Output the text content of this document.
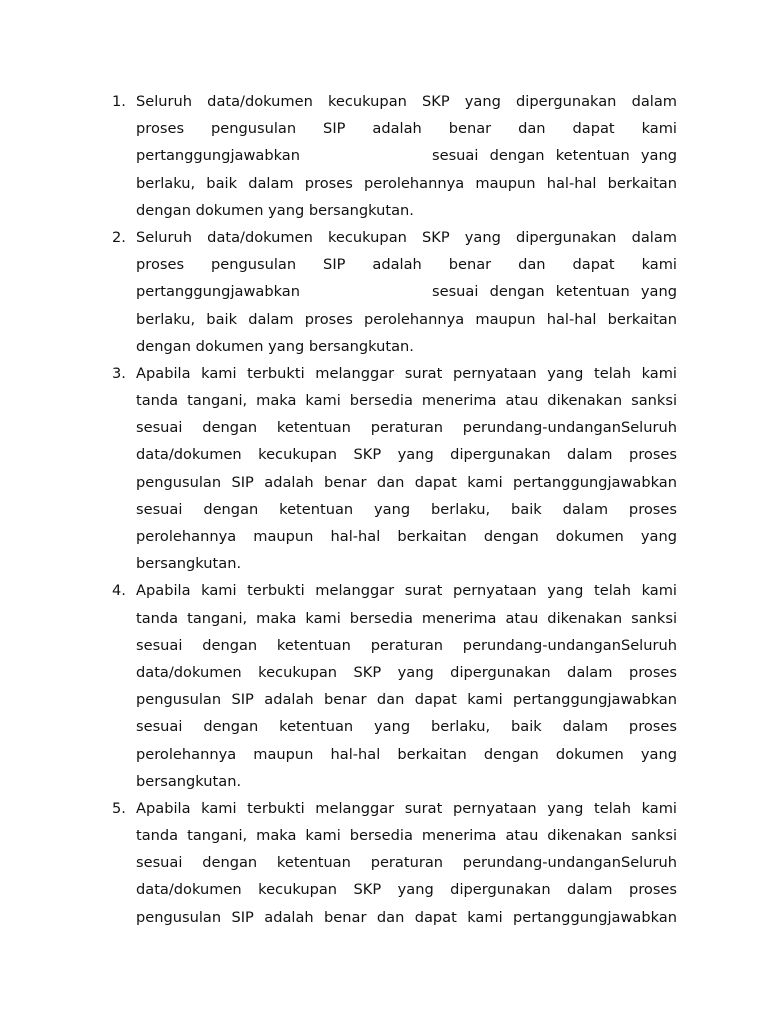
1. Seluruh data/dokumen kecukupan SKP yang dipergunakan dalam
proses pengusulan SIP adalah benar dan dapat kami
pertanggungjawabkan	sesuai dengan ketentuan yang
berlaku, baik dalam proses perolehannya maupun hal-hal berkaitan
dengan dokumen yang bersangkutan.
2. Seluruh data/dokumen kecukupan SKP yang dipergunakan dalam
proses pengusulan SIP adalah benar dan dapat kami
pertanggungjawabkan	sesuai dengan ketentuan yang
berlaku, baik dalam proses perolehannya maupun hal-hal berkaitan
dengan dokumen yang bersangkutan.
3. Apabila kami terbukti melanggar surat pernyataan yang telah kami
tanda tangani, maka kami bersedia menerima atau dikenakan sanksi
sesuai dengan ketentuan peraturan perundang-undanganSeluruh
data/dokumen kecukupan SKP yang dipergunakan dalam proses
pengusulan SIP adalah benar dan dapat kami pertanggungjawabkan
sesuai dengan ketentuan yang berlaku, baik dalam proses
perolehannya maupun hal-hal berkaitan dengan dokumen yang
bersangkutan.
4. Apabila kami terbukti melanggar surat pernyataan yang telah kami
tanda tangani, maka kami bersedia menerima atau dikenakan sanksi
sesuai dengan ketentuan peraturan perundang-undanganSeluruh
data/dokumen kecukupan SKP yang dipergunakan dalam proses
pengusulan SIP adalah benar dan dapat kami pertanggungjawabkan
sesuai dengan ketentuan yang berlaku, baik dalam proses
perolehannya maupun hal-hal berkaitan dengan dokumen yang
bersangkutan.
5. Apabila kami terbukti melanggar surat pernyataan yang telah kami
tanda tangani, maka kami bersedia menerima atau dikenakan sanksi
sesuai dengan ketentuan peraturan perundang-undanganSeluruh
data/dokumen kecukupan SKP yang dipergunakan dalam proses
pengusulan SIP adalah benar dan dapat kami pertanggungjawabkan
